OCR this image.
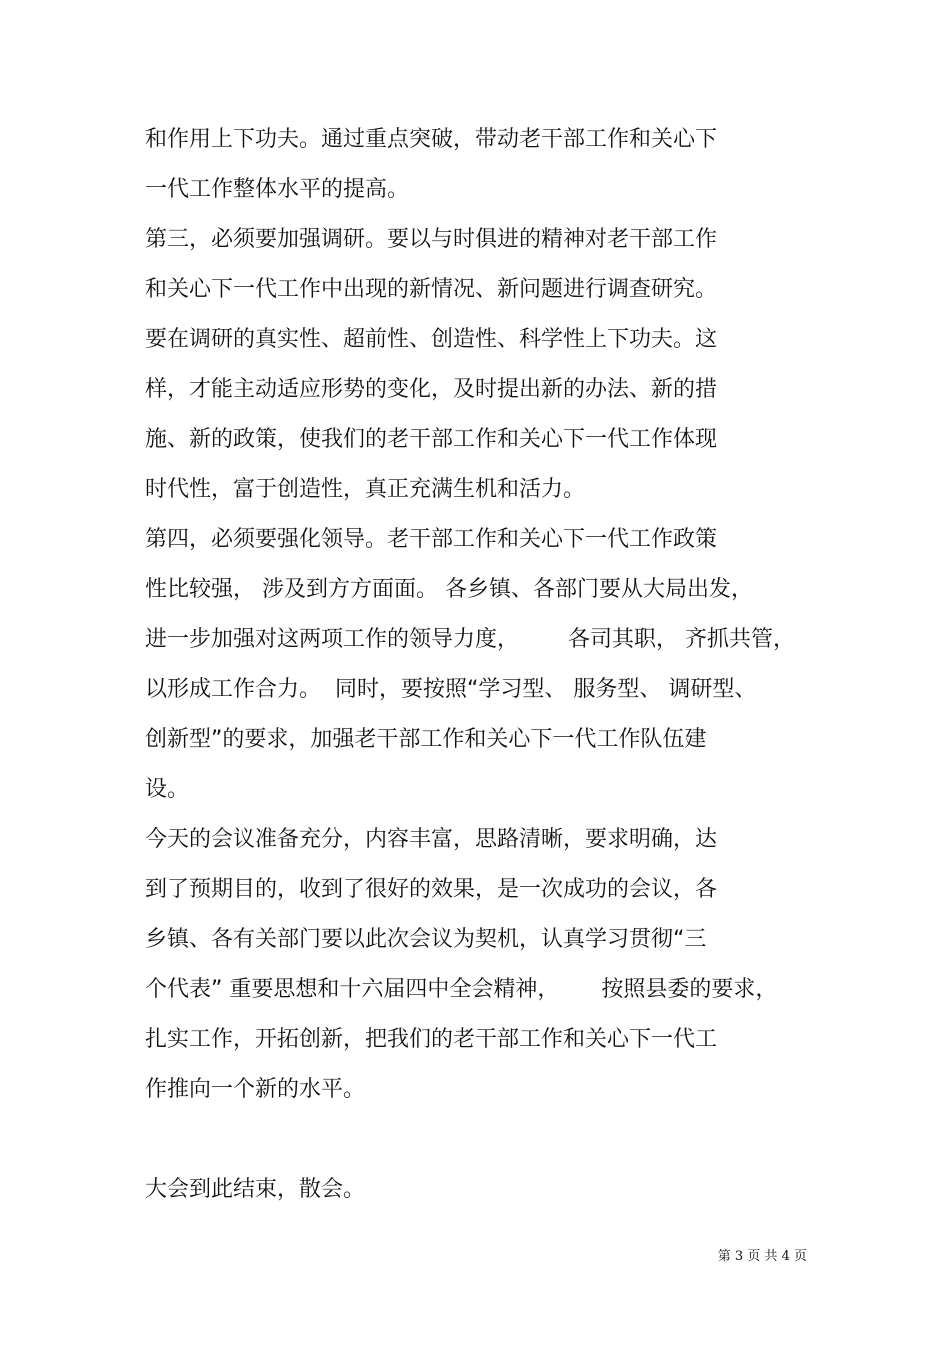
和作用上下功夫。通过重点突破，带动老干部工作和关心下
一代工作整体水平的提高。
第三，必须要加强调研。要以与时俱进的精神对老干部工作
和关心下一代工作中出现的新情况、新问题进行调查研究。
要在调研的真实性、超前性、创造性、科学性上下功夫。这
样，才能主动适应形势的变化，及时提出新的办法、新的措
施、新的政策，使我们的老干部工作和关心下一代工作体现
时代性，富于创造性，真正充满生机和活力。
第四，必须要强化领导。老干部工作和关心下一代工作政策
性比较强， 涉及到方方面面。 各乡镇、各部门要从大局出发，
进一步加强对这两项工作的领导力度，       各司其职， 齐抓共管，
以形成工作合力。  同时，要按照“学习型、 服务型、 调研型、
创新型”的要求，加强老干部工作和关心下一代工作队伍建
设。
今天的会议准备充分，内容丰富，思路清晰，要求明确，达
到了预期目的，收到了很好的效果，是一次成功的会议，各
乡镇、各有关部门要以此次会议为契机，认真学习贯彻“三
个代表” 重要思想和十六届四中全会精神，      按照县委的要求，
扎实工作，开拓创新，把我们的老干部工作和关心下一代工
作推向一个新的水平。
大会到此结束，散会。
第 3 页 共 4 页
